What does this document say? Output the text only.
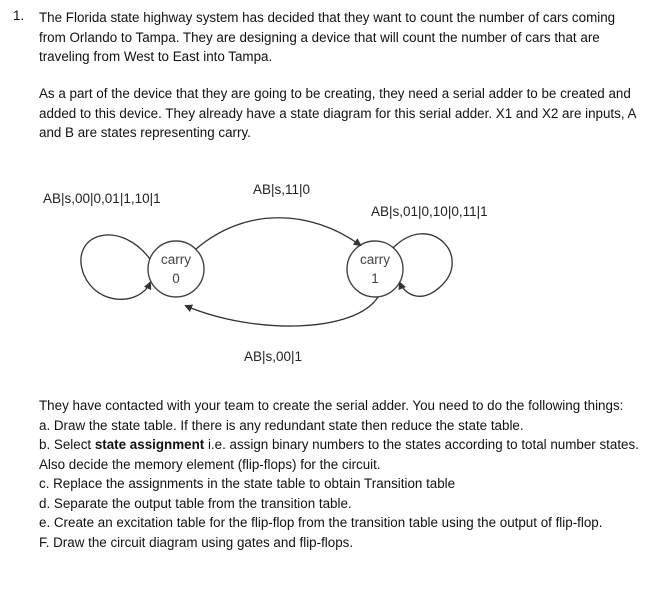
1. The Florida state highway system has decided that they want to count the number of cars coming from Orlando to Tampa. They are designing a device that will count the number of cars that are traveling from West to East into Tampa.
As a part of the device that they are going to be creating, they need a serial adder to be created and added to this device. They already have a state diagram for this serial adder. X1 and X2 are inputs, A and B are states representing carry.
carry
0
carry
1
AB|s,00|0,01|1,10|1
AB|s,11|0
AB|s,01|0,10|0,11|1
AB|s,00|1
They have contacted with your team to create the serial adder. You need to do the following things:
a. Draw the state table. If there is any redundant state then reduce the state table.
b. Select state assignment i.e. assign binary numbers to the states according to total number states. Also decide the memory element (flip-flops) for the circuit.
c. Replace the assignments in the state table to obtain Transition table
d. Separate the output table from the transition table.
e. Create an excitation table for the flip-flop from the transition table using the output of flip-flop.
F. Draw the circuit diagram using gates and flip-flops.
